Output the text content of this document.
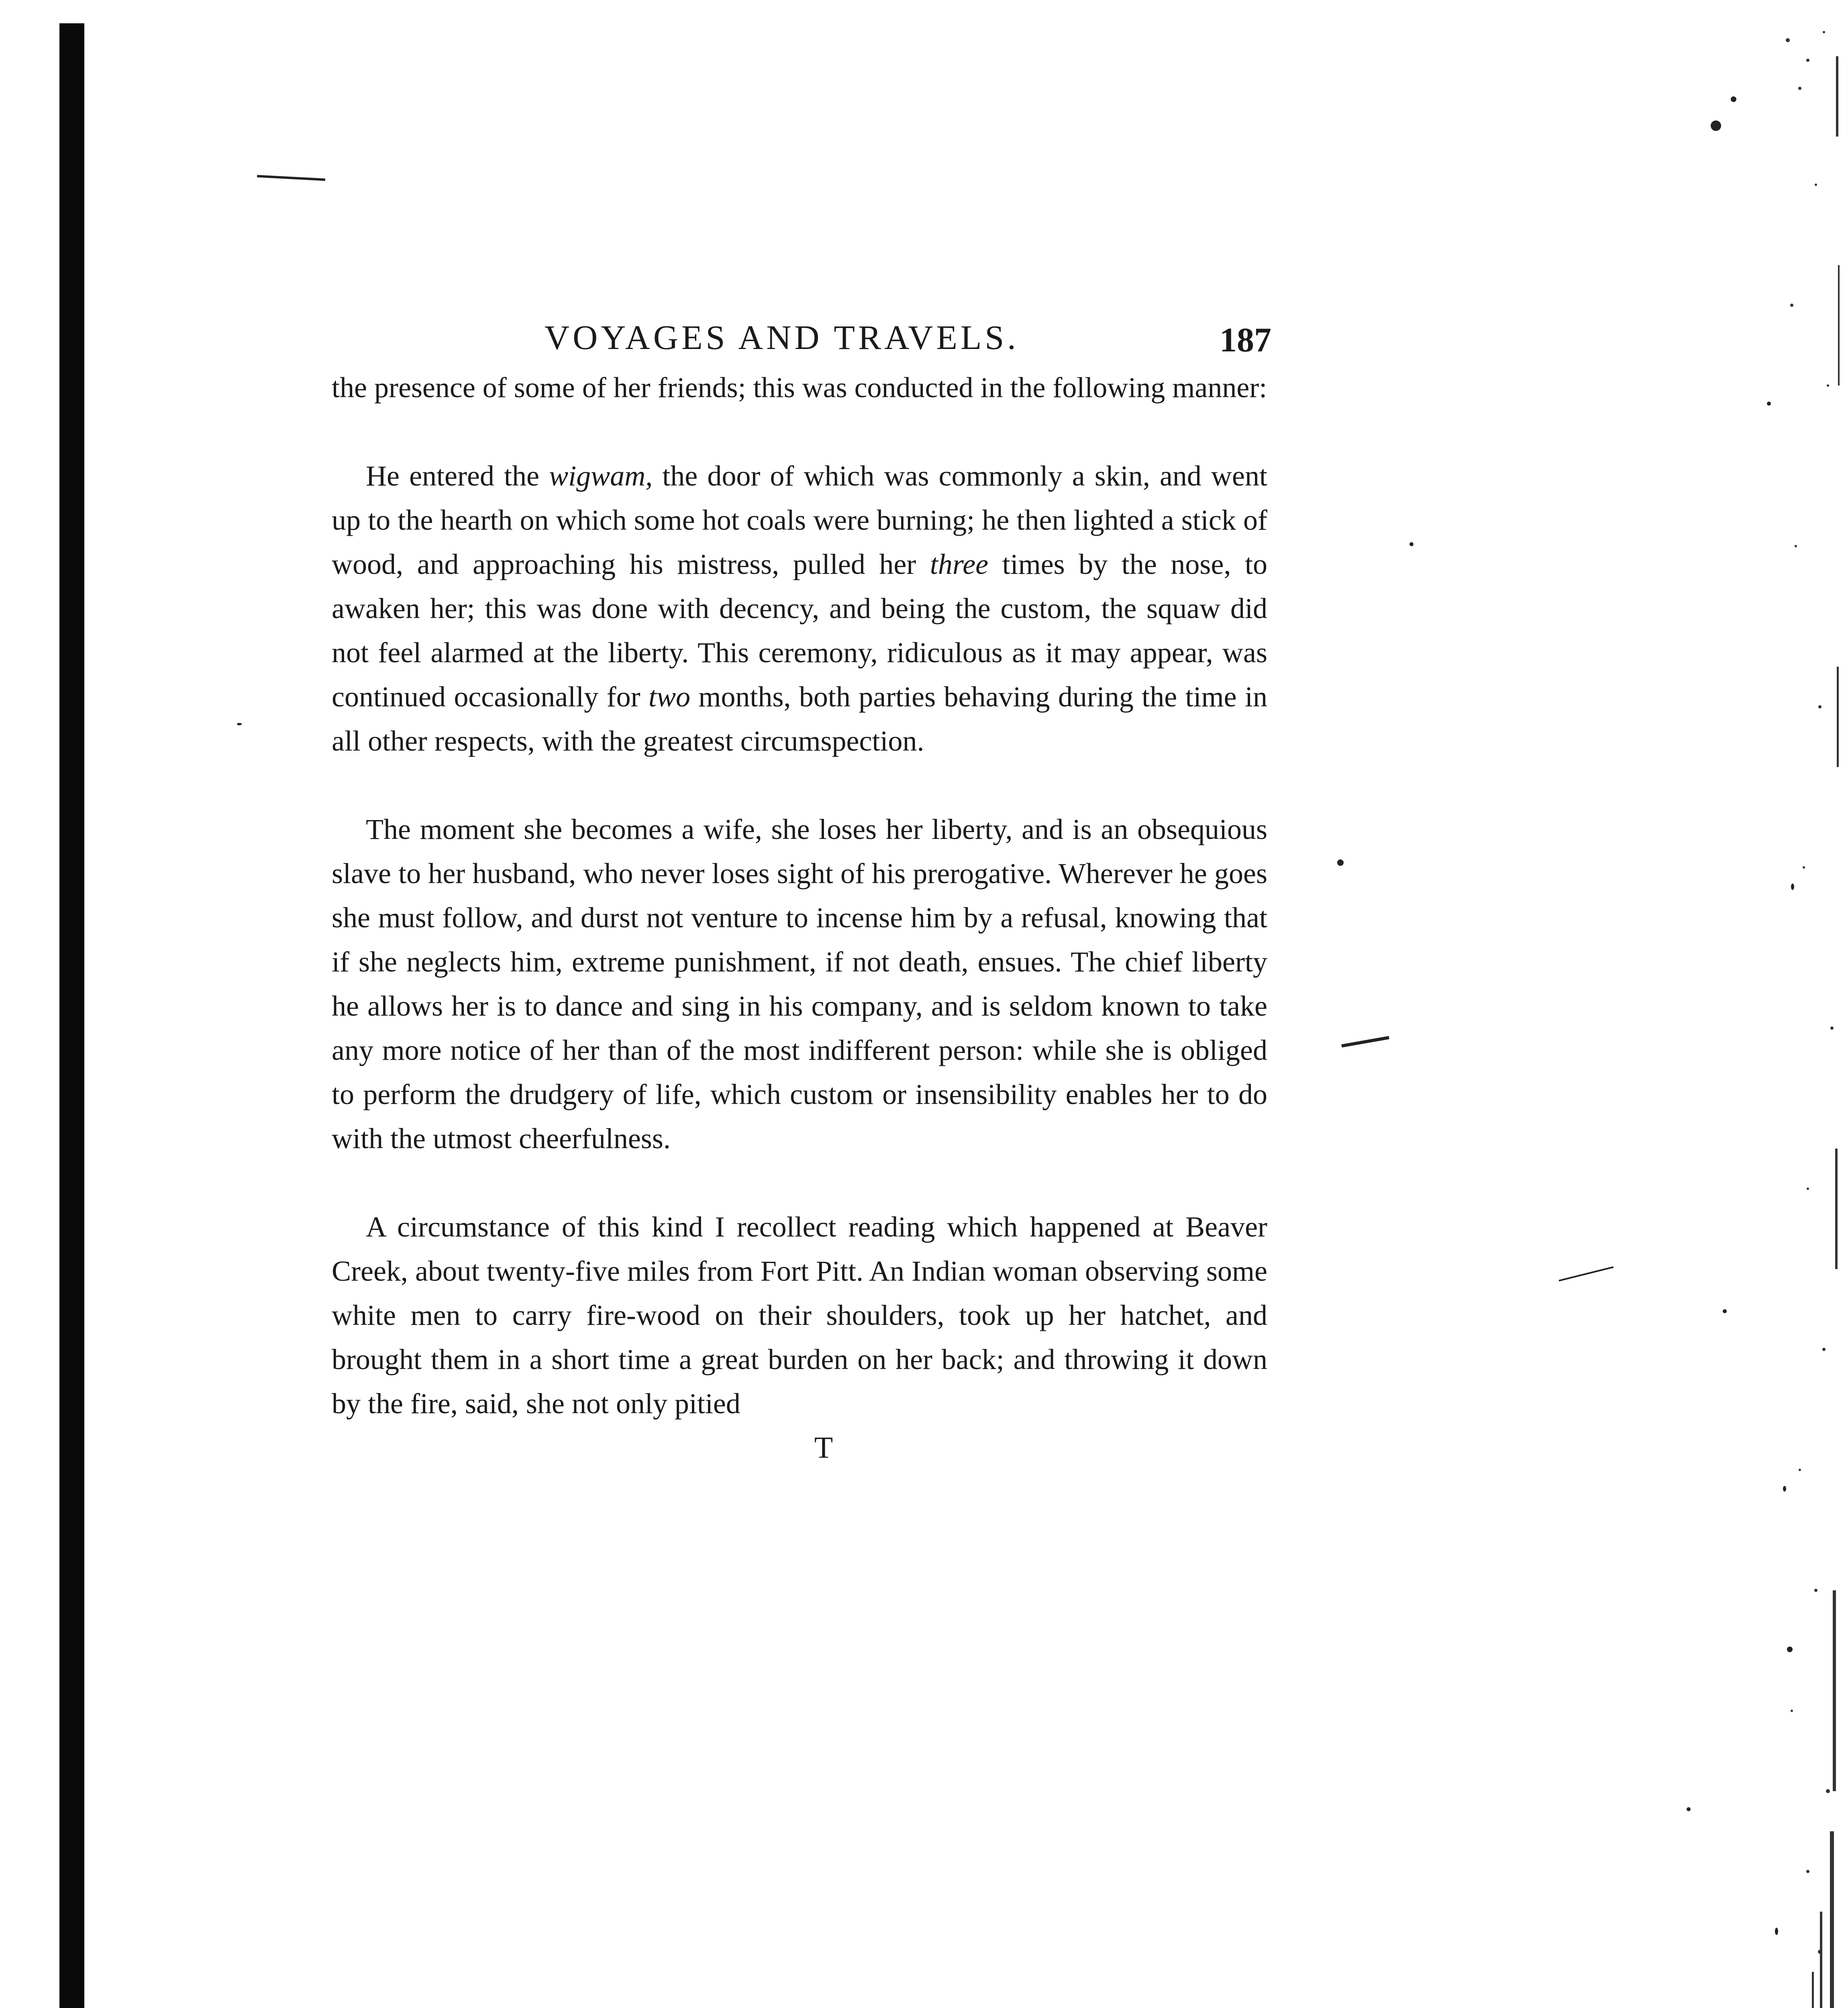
VOYAGES AND TRAVELS.	187

the presence of some of her friends; this was conducted in the following manner:

He entered the wigwam, the door of which was commonly a skin, and went up to the hearth on which some hot coals were burning; he then lighted a stick of wood, and approaching his mistress, pulled her three times by the nose, to awaken her; this was done with decency, and being the custom, the squaw did not feel alarmed at the liberty. This ceremony, ridiculous as it may appear, was continued occasionally for two months, both parties behaving during the time in all other respects, with the greatest circumspection.

The moment she becomes a wife, she loses her liberty, and is an obsequious slave to her husband, who never loses sight of his prerogative. Wherever he goes she must follow, and durst not venture to incense him by a refusal, knowing that if she neglects him, extreme punishment, if not death, ensues. The chief liberty he allows her is to dance and sing in his company, and is seldom known to take any more notice of her than of the most indifferent person: while she is obliged to perform the drudgery of life, which custom or insensibility enables her to do with the utmost cheerfulness.

A circumstance of this kind I recollect reading which happened at Beaver Creek, about twenty-five miles from Fort Pitt. An Indian woman observing some white men to carry fire-wood on their shoulders, took up her hatchet, and brought them in a short time a great burden on her back; and throwing it down by the fire, said, she not only pitied

T
